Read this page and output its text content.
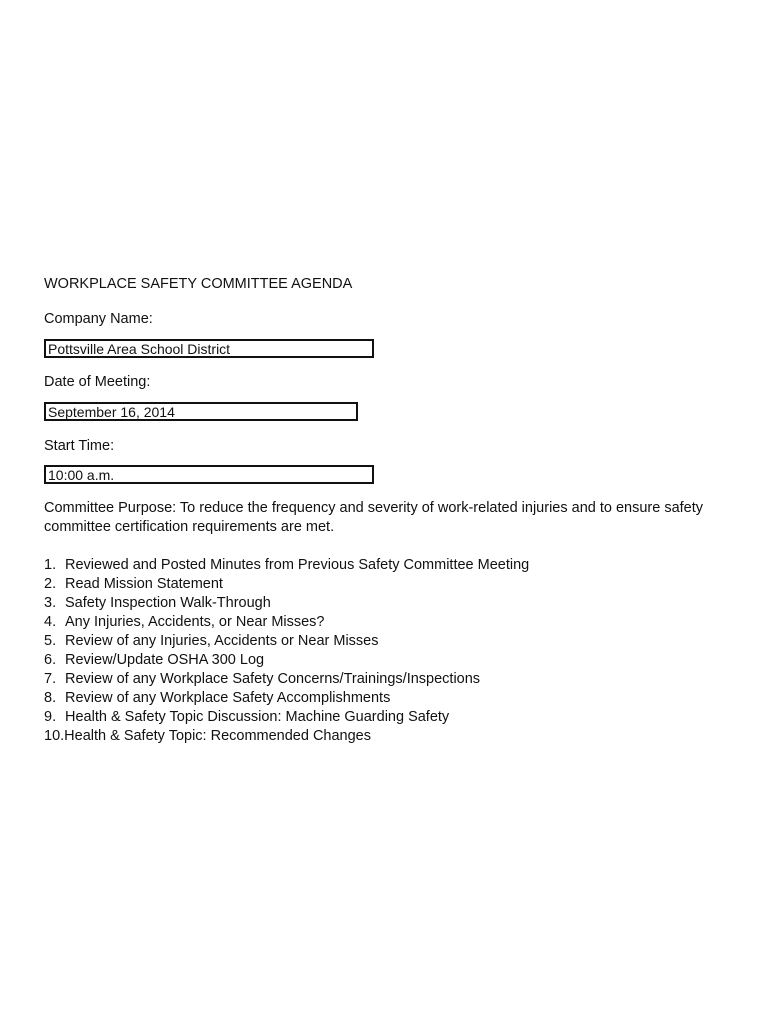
WORKPLACE SAFETY COMMITTEE AGENDA
Company Name:
Pottsville Area School District
Date of Meeting:
September 16, 2014
Start Time:
10:00 a.m.
Committee Purpose: To reduce the frequency and severity of work-related injuries and to ensure safety committee certification requirements are met.
1. Reviewed and Posted Minutes from Previous Safety Committee Meeting
2. Read Mission Statement
3. Safety Inspection Walk-Through
4. Any Injuries, Accidents, or Near Misses?
5. Review of any Injuries, Accidents or Near Misses
6. Review/Update OSHA 300 Log
7. Review of any Workplace Safety Concerns/Trainings/Inspections
8. Review of any Workplace Safety Accomplishments
9. Health & Safety Topic Discussion: Machine Guarding Safety
10. Health & Safety Topic: Recommended Changes
